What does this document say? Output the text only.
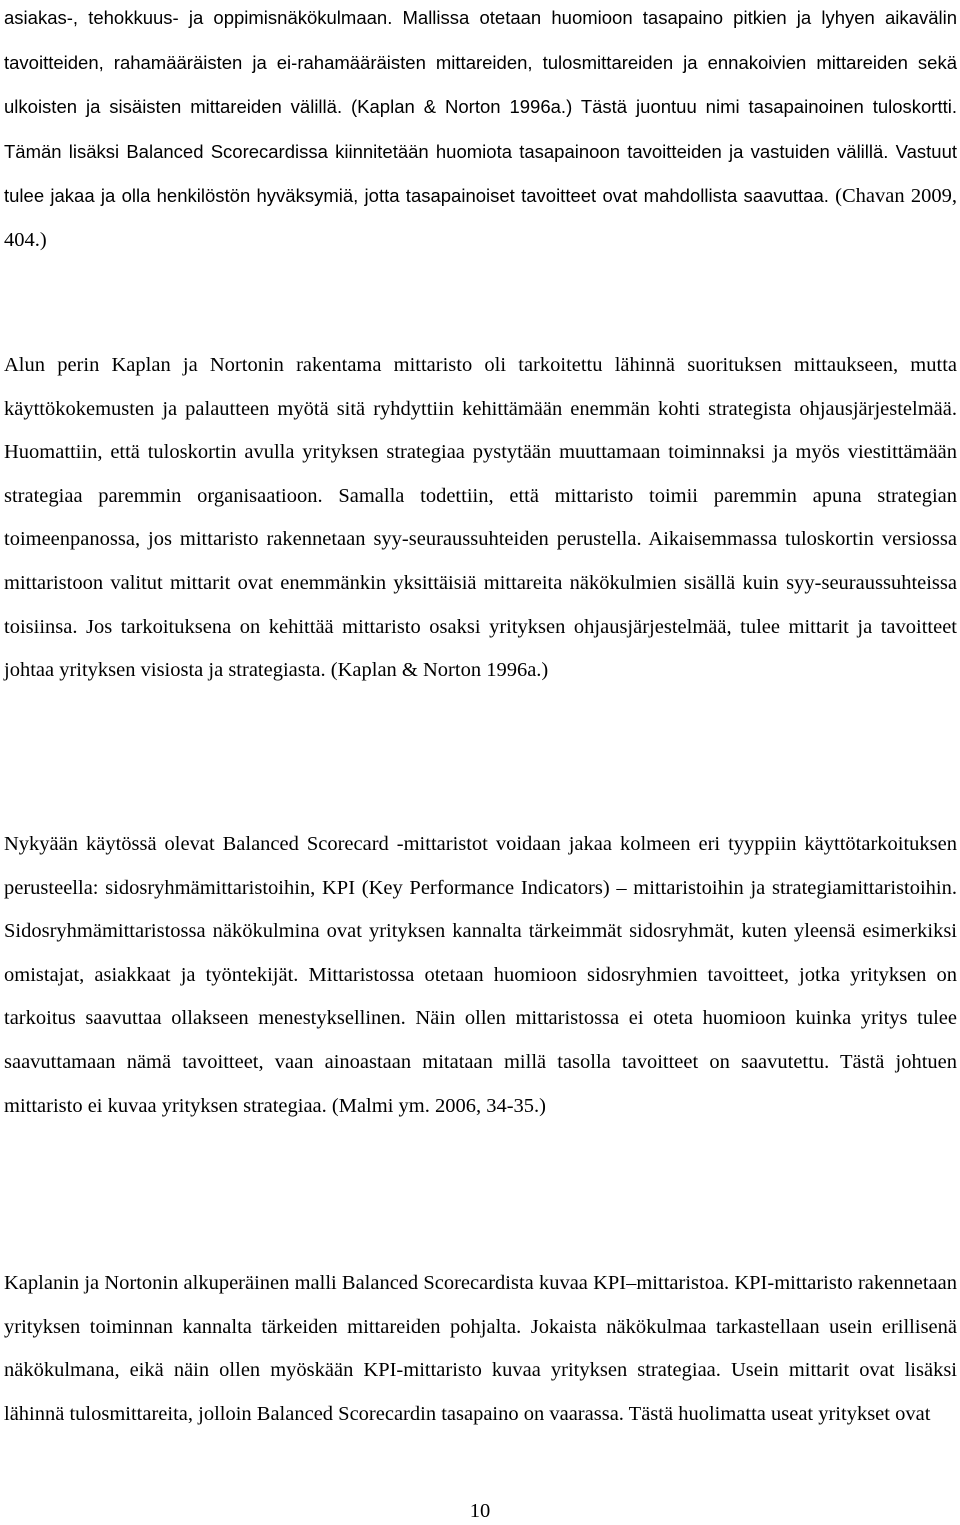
asiakas-, tehokkuus- ja oppimisnäkökulmaan. Mallissa otetaan huomioon tasapaino pitkien ja lyhyen aikavälin tavoitteiden, rahamääräisten ja ei-rahamääräisten mittareiden, tulosmittareiden ja ennakoivien mittareiden sekä ulkoisten ja sisäisten mittareiden välillä. (Kaplan & Norton 1996a.) Tästä juontuu nimi tasapainoinen tuloskortti. Tämän lisäksi Balanced Scorecardissa kiinnitetään huomiota tasapainoon tavoitteiden ja vastuiden välillä. Vastuut tulee jakaa ja olla henkilöstön hyväksymiä, jotta tasapainoiset tavoitteet ovat mahdollista saavuttaa. (Chavan 2009, 404.)

Alun perin Kaplan ja Nortonin rakentama mittaristo oli tarkoitettu lähinnä suorituksen mittaukseen, mutta käyttökokemusten ja palautteen myötä sitä ryhdyttiin kehittämään enemmän kohti strategista ohjausjärjestelmää. Huomattiin, että tuloskortin avulla yrityksen strategiaa pystytään muuttamaan toiminnaksi ja myös viestittämään strategiaa paremmin organisaatioon. Samalla todettiin, että mittaristo toimii paremmin apuna strategian toimeenpanossa, jos mittaristo rakennetaan syy-seuraussuhteiden perustella. Aikaisemmassa tuloskortin versiossa mittaristoon valitut mittarit ovat enemmänkin yksittäisiä mittareita näkökulmien sisällä kuin syy-seuraussuhteissa toisiinsa. Jos tarkoituksena on kehittää mittaristo osaksi yrityksen ohjausjärjestelmää, tulee mittarit ja tavoitteet johtaa yrityksen visiosta ja strategiasta. (Kaplan & Norton 1996a.)

Nykyään käytössä olevat Balanced Scorecard -mittaristot voidaan jakaa kolmeen eri tyyppiin käyttötarkoituksen perusteella: sidosryhmämittaristoihin, KPI (Key Performance Indicators) – mittaristoihin ja strategiamittaristoihin. Sidosryhmämittaristossa näkökulmina ovat yrityksen kannalta tärkeimmät sidosryhmät, kuten yleensä esimerkiksi omistajat, asiakkaat ja työntekijät. Mittaristossa otetaan huomioon sidosryhmien tavoitteet, jotka yrityksen on tarkoitus saavuttaa ollakseen menestyksellinen. Näin ollen mittaristossa ei oteta huomioon kuinka yritys tulee saavuttamaan nämä tavoitteet, vaan ainoastaan mitataan millä tasolla tavoitteet on saavutettu. Tästä johtuen mittaristo ei kuvaa yrityksen strategiaa. (Malmi ym. 2006, 34-35.)

Kaplanin ja Nortonin alkuperäinen malli Balanced Scorecardista kuvaa KPI–mittaristoa. KPI-mittaristo rakennetaan yrityksen toiminnan kannalta tärkeiden mittareiden pohjalta. Jokaista näkökulmaa tarkastellaan usein erillisenä näkökulmana, eikä näin ollen myöskään KPI-mittaristo kuvaa yrityksen strategiaa. Usein mittarit ovat lisäksi lähinnä tulosmittareita, jolloin Balanced Scorecardin tasapaino on vaarassa. Tästä huolimatta useat yritykset ovat

10
